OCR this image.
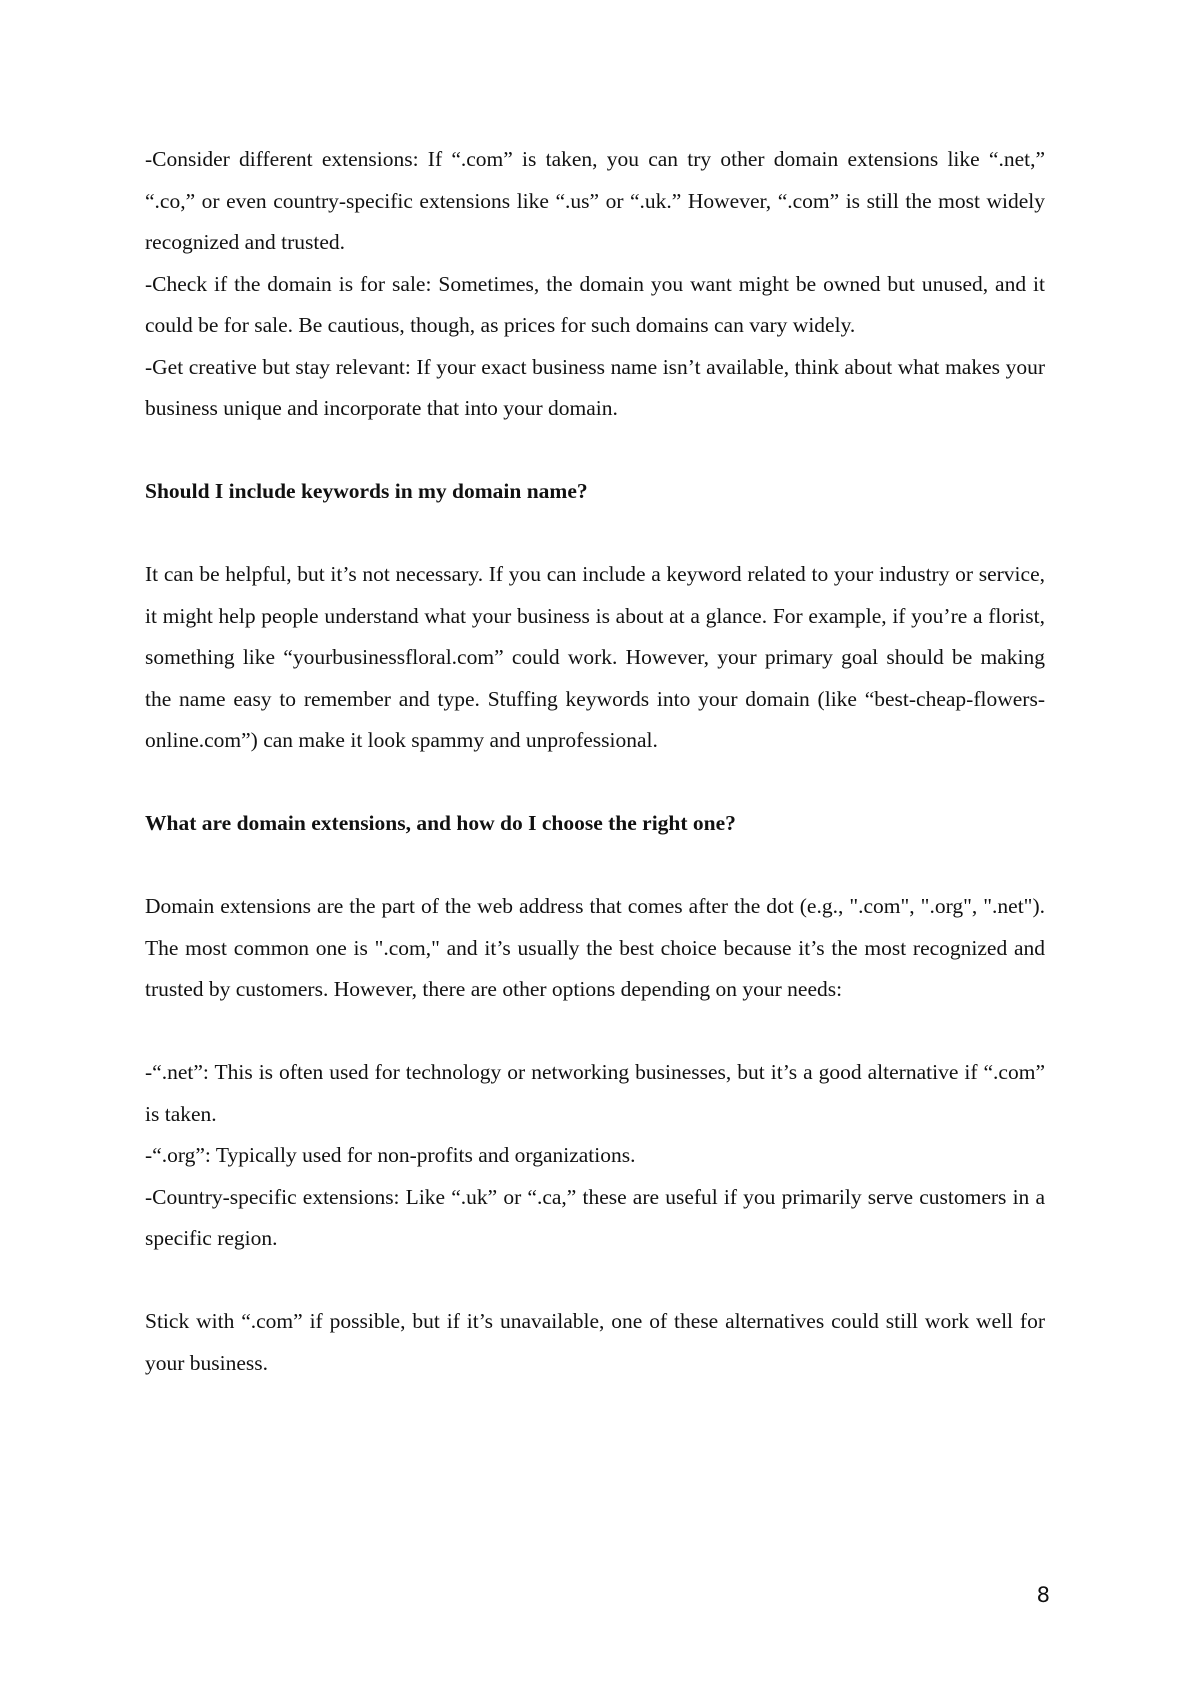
-Consider different extensions: If “.com” is taken, you can try other domain extensions like “.net,” “.co,” or even country-specific extensions like “.us” or “.uk.” However, “.com” is still the most widely recognized and trusted.

-Check if the domain is for sale: Sometimes, the domain you want might be owned but unused, and it could be for sale. Be cautious, though, as prices for such domains can vary widely.

-Get creative but stay relevant: If your exact business name isn’t available, think about what makes your business unique and incorporate that into your domain.

Should I include keywords in my domain name?

It can be helpful, but it’s not necessary. If you can include a keyword related to your industry or service, it might help people understand what your business is about at a glance. For example, if you’re a florist, something like “yourbusinessfloral.com” could work. However, your primary goal should be making the name easy to remember and type. Stuffing keywords into your domain (like “best-cheap-flowers-online.com”) can make it look spammy and unprofessional.

What are domain extensions, and how do I choose the right one?

Domain extensions are the part of the web address that comes after the dot (e.g., ".com", ".org", ".net"). The most common one is ".com," and it’s usually the best choice because it’s the most recognized and trusted by customers. However, there are other options depending on your needs:

-“.net”: This is often used for technology or networking businesses, but it’s a good alternative if “.com” is taken.

-“.org”: Typically used for non-profits and organizations.

-Country-specific extensions: Like “.uk” or “.ca,” these are useful if you primarily serve customers in a specific region.

Stick with “.com” if possible, but if it’s unavailable, one of these alternatives could still work well for your business.

8
